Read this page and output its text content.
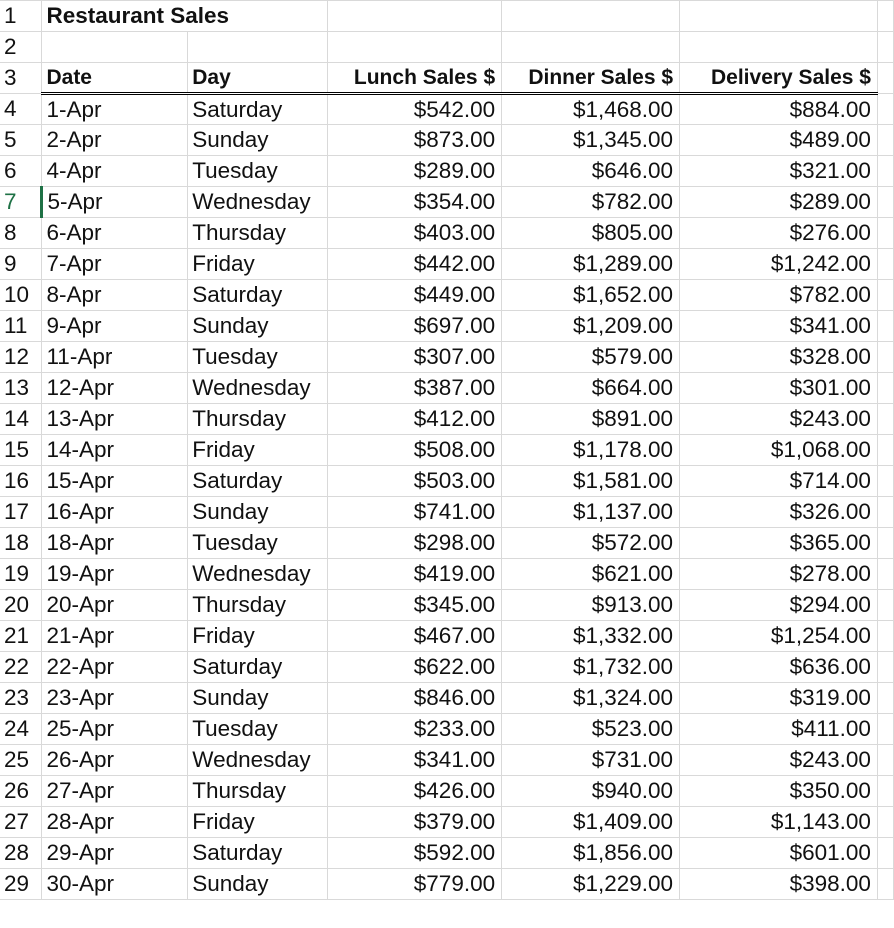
1	Restaurant Sales					
2						
3	Date	Day	Lunch Sales $	Dinner Sales $	Delivery Sales $	
4	1-Apr	Saturday	$542.00	$1,468.00	$884.00	
5	2-Apr	Sunday	$873.00	$1,345.00	$489.00	
6	4-Apr	Tuesday	$289.00	$646.00	$321.00	
7	5-Apr	Wednesday	$354.00	$782.00	$289.00	
8	6-Apr	Thursday	$403.00	$805.00	$276.00	
9	7-Apr	Friday	$442.00	$1,289.00	$1,242.00	
10	8-Apr	Saturday	$449.00	$1,652.00	$782.00	
11	9-Apr	Sunday	$697.00	$1,209.00	$341.00	
12	11-Apr	Tuesday	$307.00	$579.00	$328.00	
13	12-Apr	Wednesday	$387.00	$664.00	$301.00	
14	13-Apr	Thursday	$412.00	$891.00	$243.00	
15	14-Apr	Friday	$508.00	$1,178.00	$1,068.00	
16	15-Apr	Saturday	$503.00	$1,581.00	$714.00	
17	16-Apr	Sunday	$741.00	$1,137.00	$326.00	
18	18-Apr	Tuesday	$298.00	$572.00	$365.00	
19	19-Apr	Wednesday	$419.00	$621.00	$278.00	
20	20-Apr	Thursday	$345.00	$913.00	$294.00	
21	21-Apr	Friday	$467.00	$1,332.00	$1,254.00	
22	22-Apr	Saturday	$622.00	$1,732.00	$636.00	
23	23-Apr	Sunday	$846.00	$1,324.00	$319.00	
24	25-Apr	Tuesday	$233.00	$523.00	$411.00	
25	26-Apr	Wednesday	$341.00	$731.00	$243.00	
26	27-Apr	Thursday	$426.00	$940.00	$350.00	
27	28-Apr	Friday	$379.00	$1,409.00	$1,143.00	
28	29-Apr	Saturday	$592.00	$1,856.00	$601.00	
29	30-Apr	Sunday	$779.00	$1,229.00	$398.00	
